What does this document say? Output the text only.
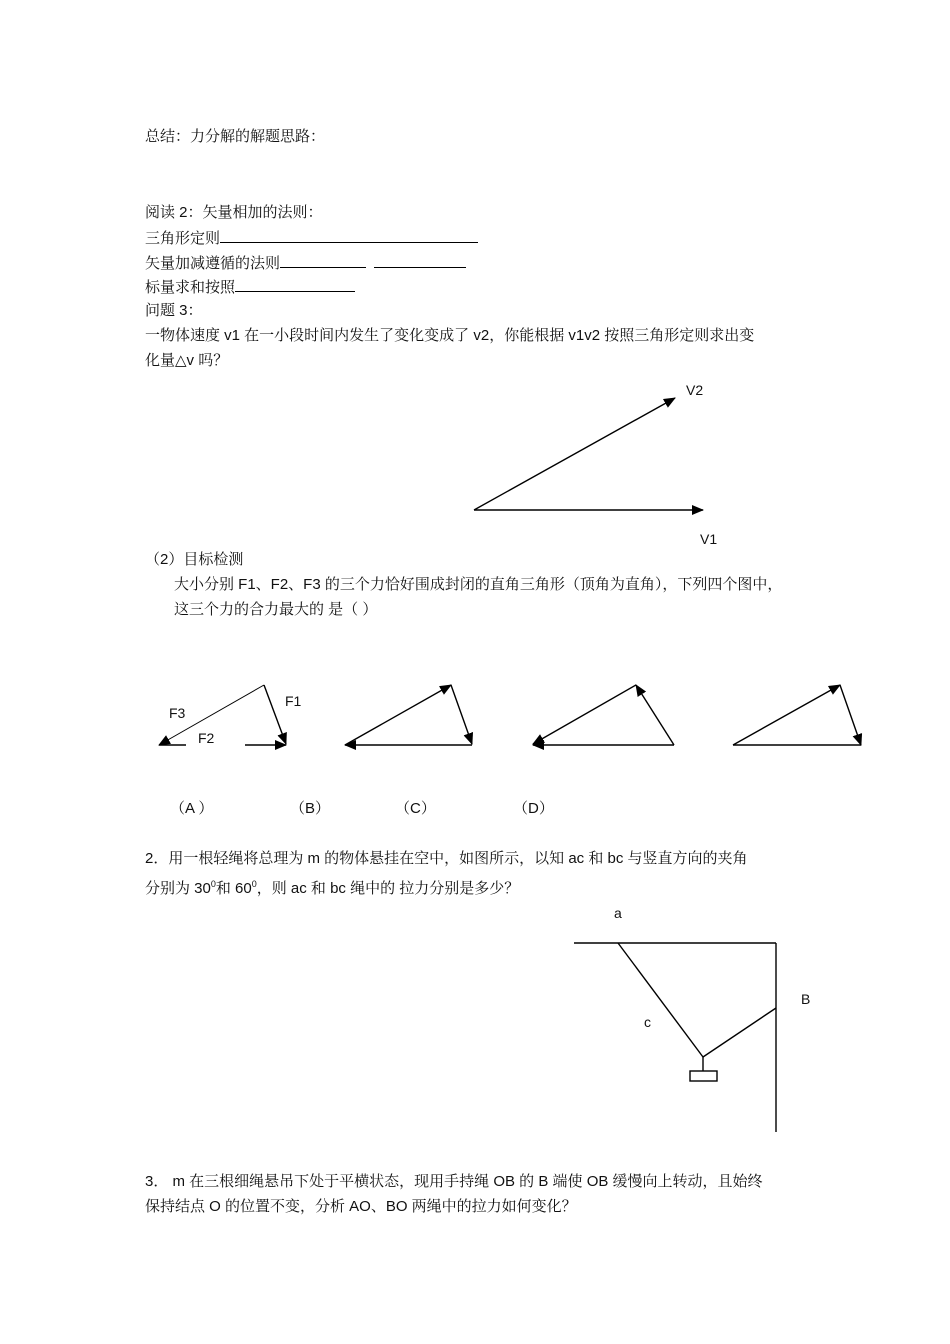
总结：力分解的解题思路：
阅读 2：矢量相加的法则：
三角形定则
矢量加减遵循的法则
标量求和按照
问题 3：
一物体速度 v1 在一小段时间内发生了变化变成了 v2，你能根据 v1v2 按照三角形定则求出变
化量△v 吗？
（2）目标检测
大小分别 F1、F2、F3 的三个力恰好围成封闭的直角三角形（顶角为直角），下列四个图中，
这三个力的合力最大的 是（ ）
（A ）	（B）	（C）	（D）
2．用一根轻绳将总理为 m 的物体悬挂在空中，如图所示，以知 ac 和 bc 与竖直方向的夹角
分别为 $30^0$和 $60^0$，则 ac 和 bc 绳中的 拉力分别是多少？
3． m 在三根细绳悬吊下处于平横状态，现用手持绳 OB 的 B 端使 OB 缓慢向上转动，且始终
保持结点 O 的位置不变，分析 AO、BO 两绳中的拉力如何变化？
V2
V1
F3
F1
F2
a
B
c
